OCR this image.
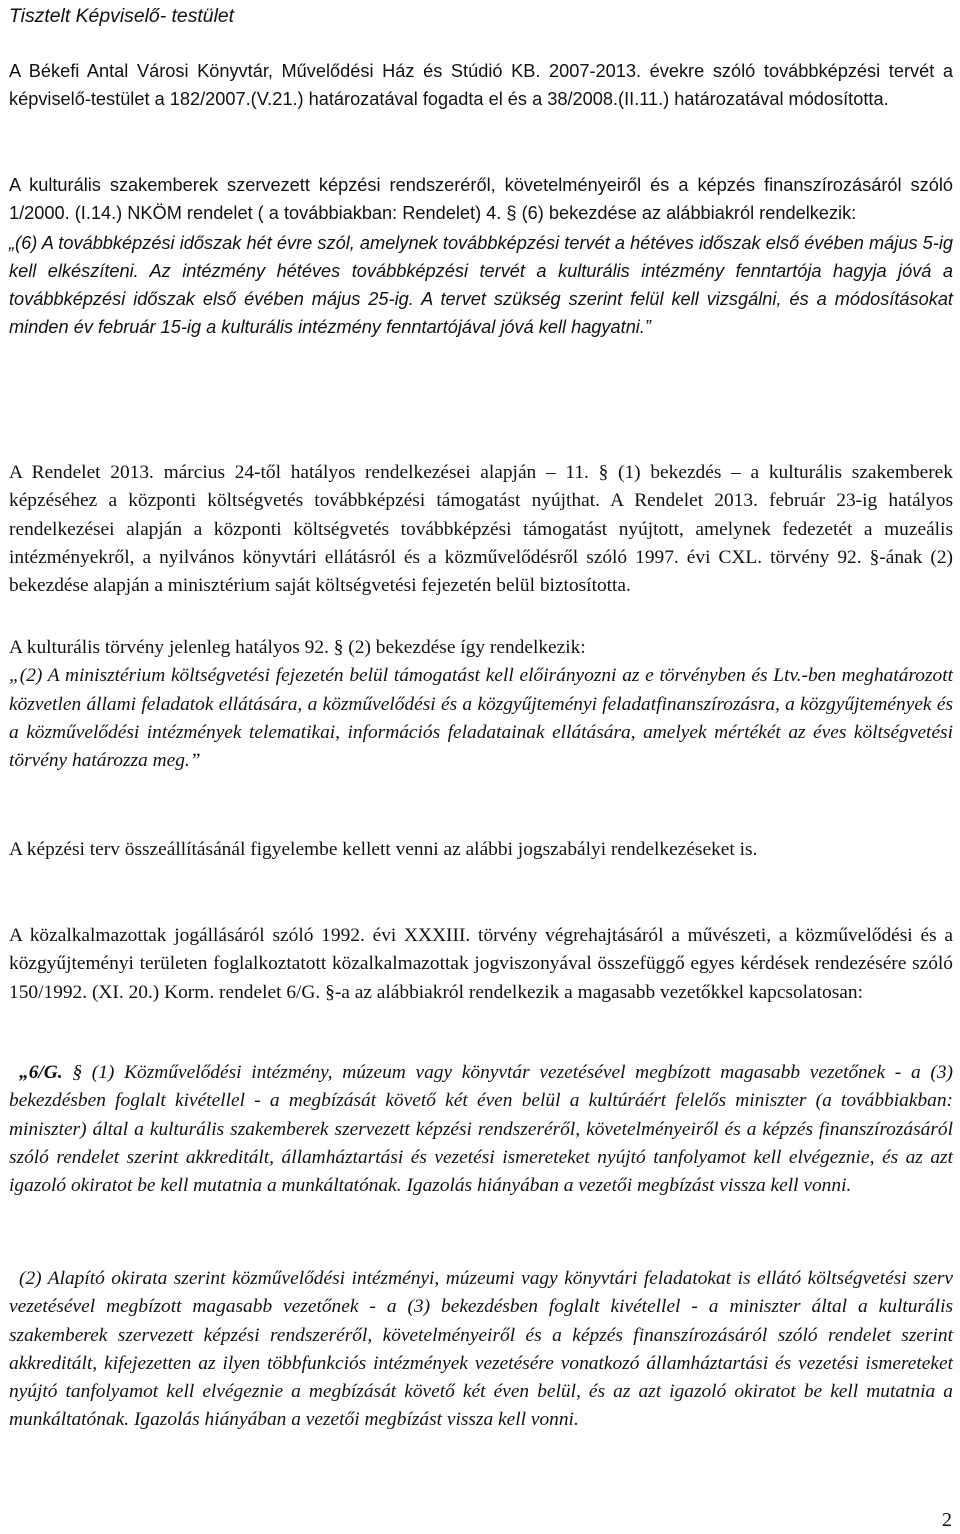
Tisztelt Képviselő- testület

A Békefi Antal Városi Könyvtár, Művelődési Ház és Stúdió KB. 2007-2013. évekre szóló továbbképzési tervét a képviselő-testület a 182/2007.(V.21.) határozatával fogadta el és a 38/2008.(II.11.) határozatával módosította.

A kulturális szakemberek szervezett képzési rendszeréről, követelményeiről és a képzés finanszírozásáról szóló 1/2000. (I.14.) NKÖM rendelet ( a továbbiakban: Rendelet) 4. § (6) bekezdése az alábbiakról rendelkezik:

„(6) A továbbképzési időszak hét évre szól, amelynek továbbképzési tervét a hétéves időszak első évében május 5-ig kell elkészíteni. Az intézmény hétéves továbbképzési tervét a kulturális intézmény fenntartója hagyja jóvá a továbbképzési időszak első évében május 25-ig. A tervet szükség szerint felül kell vizsgálni, és a módosításokat minden év február 15-ig a kulturális intézmény fenntartójával jóvá kell hagyatni.”

A Rendelet 2013. március 24-től hatályos rendelkezései alapján – 11. § (1) bekezdés – a kulturális szakemberek képzéséhez a központi költségvetés továbbképzési támogatást nyújthat. A Rendelet 2013. február 23-ig hatályos rendelkezései alapján a központi költségvetés továbbképzési támogatást nyújtott, amelynek fedezetét a muzeális intézményekről, a nyilvános könyvtári ellátásról és a közművelődésről szóló 1997. évi CXL. törvény 92. §-ának (2) bekezdése alapján a minisztérium saját költségvetési fejezetén belül biztosította.

A kulturális törvény jelenleg hatályos 92. § (2) bekezdése így rendelkezik:

„(2) A minisztérium költségvetési fejezetén belül támogatást kell előirányozni az e törvényben és Ltv.-ben meghatározott közvetlen állami feladatok ellátására, a közművelődési és a közgyűjteményi feladatfinanszírozásra, a közgyűjtemények és a közművelődési intézmények telematikai, információs feladatainak ellátására, amelyek mértékét az éves költségvetési törvény határozza meg.”

A képzési terv összeállításánál figyelembe kellett venni az alábbi jogszabályi rendelkezéseket is.

A közalkalmazottak jogállásáról szóló 1992. évi XXXIII. törvény végrehajtásáról a művészeti, a közművelődési és a közgyűjteményi területen foglalkoztatott közalkalmazottak jogviszonyával összefüggő egyes kérdések rendezésére szóló 150/1992. (XI. 20.) Korm. rendelet 6/G. §-a az alábbiakról rendelkezik a magasabb vezetőkkel kapcsolatosan:

„6/G. § (1) Közművelődési intézmény, múzeum vagy könyvtár vezetésével megbízott magasabb vezetőnek - a (3) bekezdésben foglalt kivétellel - a megbízását követő két éven belül a kultúráért felelős miniszter (a továbbiakban: miniszter) által a kulturális szakemberek szervezett képzési rendszeréről, követelményeiről és a képzés finanszírozásáról szóló rendelet szerint akkreditált, államháztartási és vezetési ismereteket nyújtó tanfolyamot kell elvégeznie, és az azt igazoló okiratot be kell mutatnia a munkáltatónak. Igazolás hiányában a vezetői megbízást vissza kell vonni.

(2) Alapító okirata szerint közművelődési intézményi, múzeumi vagy könyvtári feladatokat is ellátó költségvetési szerv vezetésével megbízott magasabb vezetőnek - a (3) bekezdésben foglalt kivétellel - a miniszter által a kulturális szakemberek szervezett képzési rendszeréről, követelményeiről és a képzés finanszírozásáról szóló rendelet szerint akkreditált, kifejezetten az ilyen többfunkciós intézmények vezetésére vonatkozó államháztartási és vezetési ismereteket nyújtó tanfolyamot kell elvégeznie a megbízását követő két éven belül, és az azt igazoló okiratot be kell mutatnia a munkáltatónak. Igazolás hiányában a vezetői megbízást vissza kell vonni.

2
